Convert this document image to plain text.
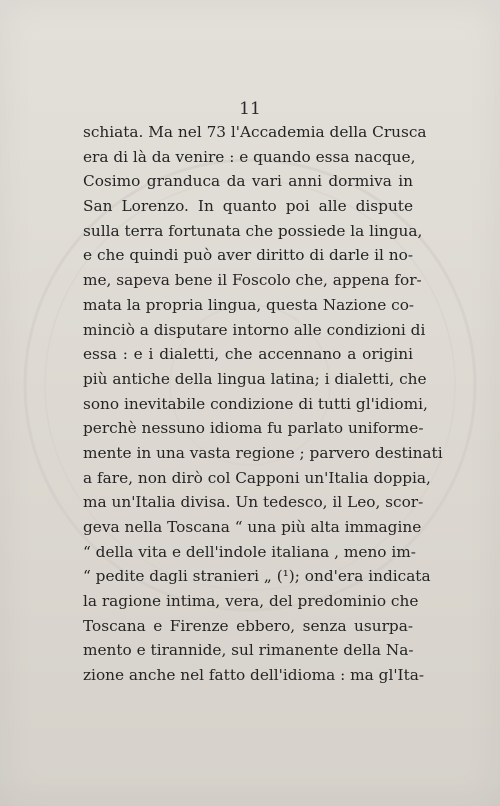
11
schiata. Ma nel 73 l'Accademia della Crusca
era di là da venire : e quando essa nacque,
Cosimo granduca da vari anni dormiva in
San Lorenzo. In quanto poi alle dispute
sulla terra fortunata che possiede la lingua,
e che quindi può aver diritto di darle il no-
me, sapeva bene il Foscolo che, appena for-
mata la propria lingua, questa Nazione co-
minciò a disputare intorno alle condizioni di
essa : e i dialetti, che accennano a origini
più antiche della lingua latina; i dialetti, che
sono inevitabile condizione di tutti gl'idiomi,
perchè nessuno idioma fu parlato uniforme-
mente in una vasta regione ; parvero destinati
a fare, non dirò col Capponi un'Italia doppia,
ma un'Italia divisa. Un tedesco, il Leo, scor-
geva nella Toscana “ una più alta immagine
“ della vita e dell'indole italiana , meno im-
“ pedite dagli stranieri „ (¹); ond'era indicata
la ragione intima, vera, del predominio che
Toscana e Firenze ebbero, senza usurpa-
mento e tirannide, sul rimanente della Na-
zione anche nel fatto dell'idioma : ma gl'Ita-
